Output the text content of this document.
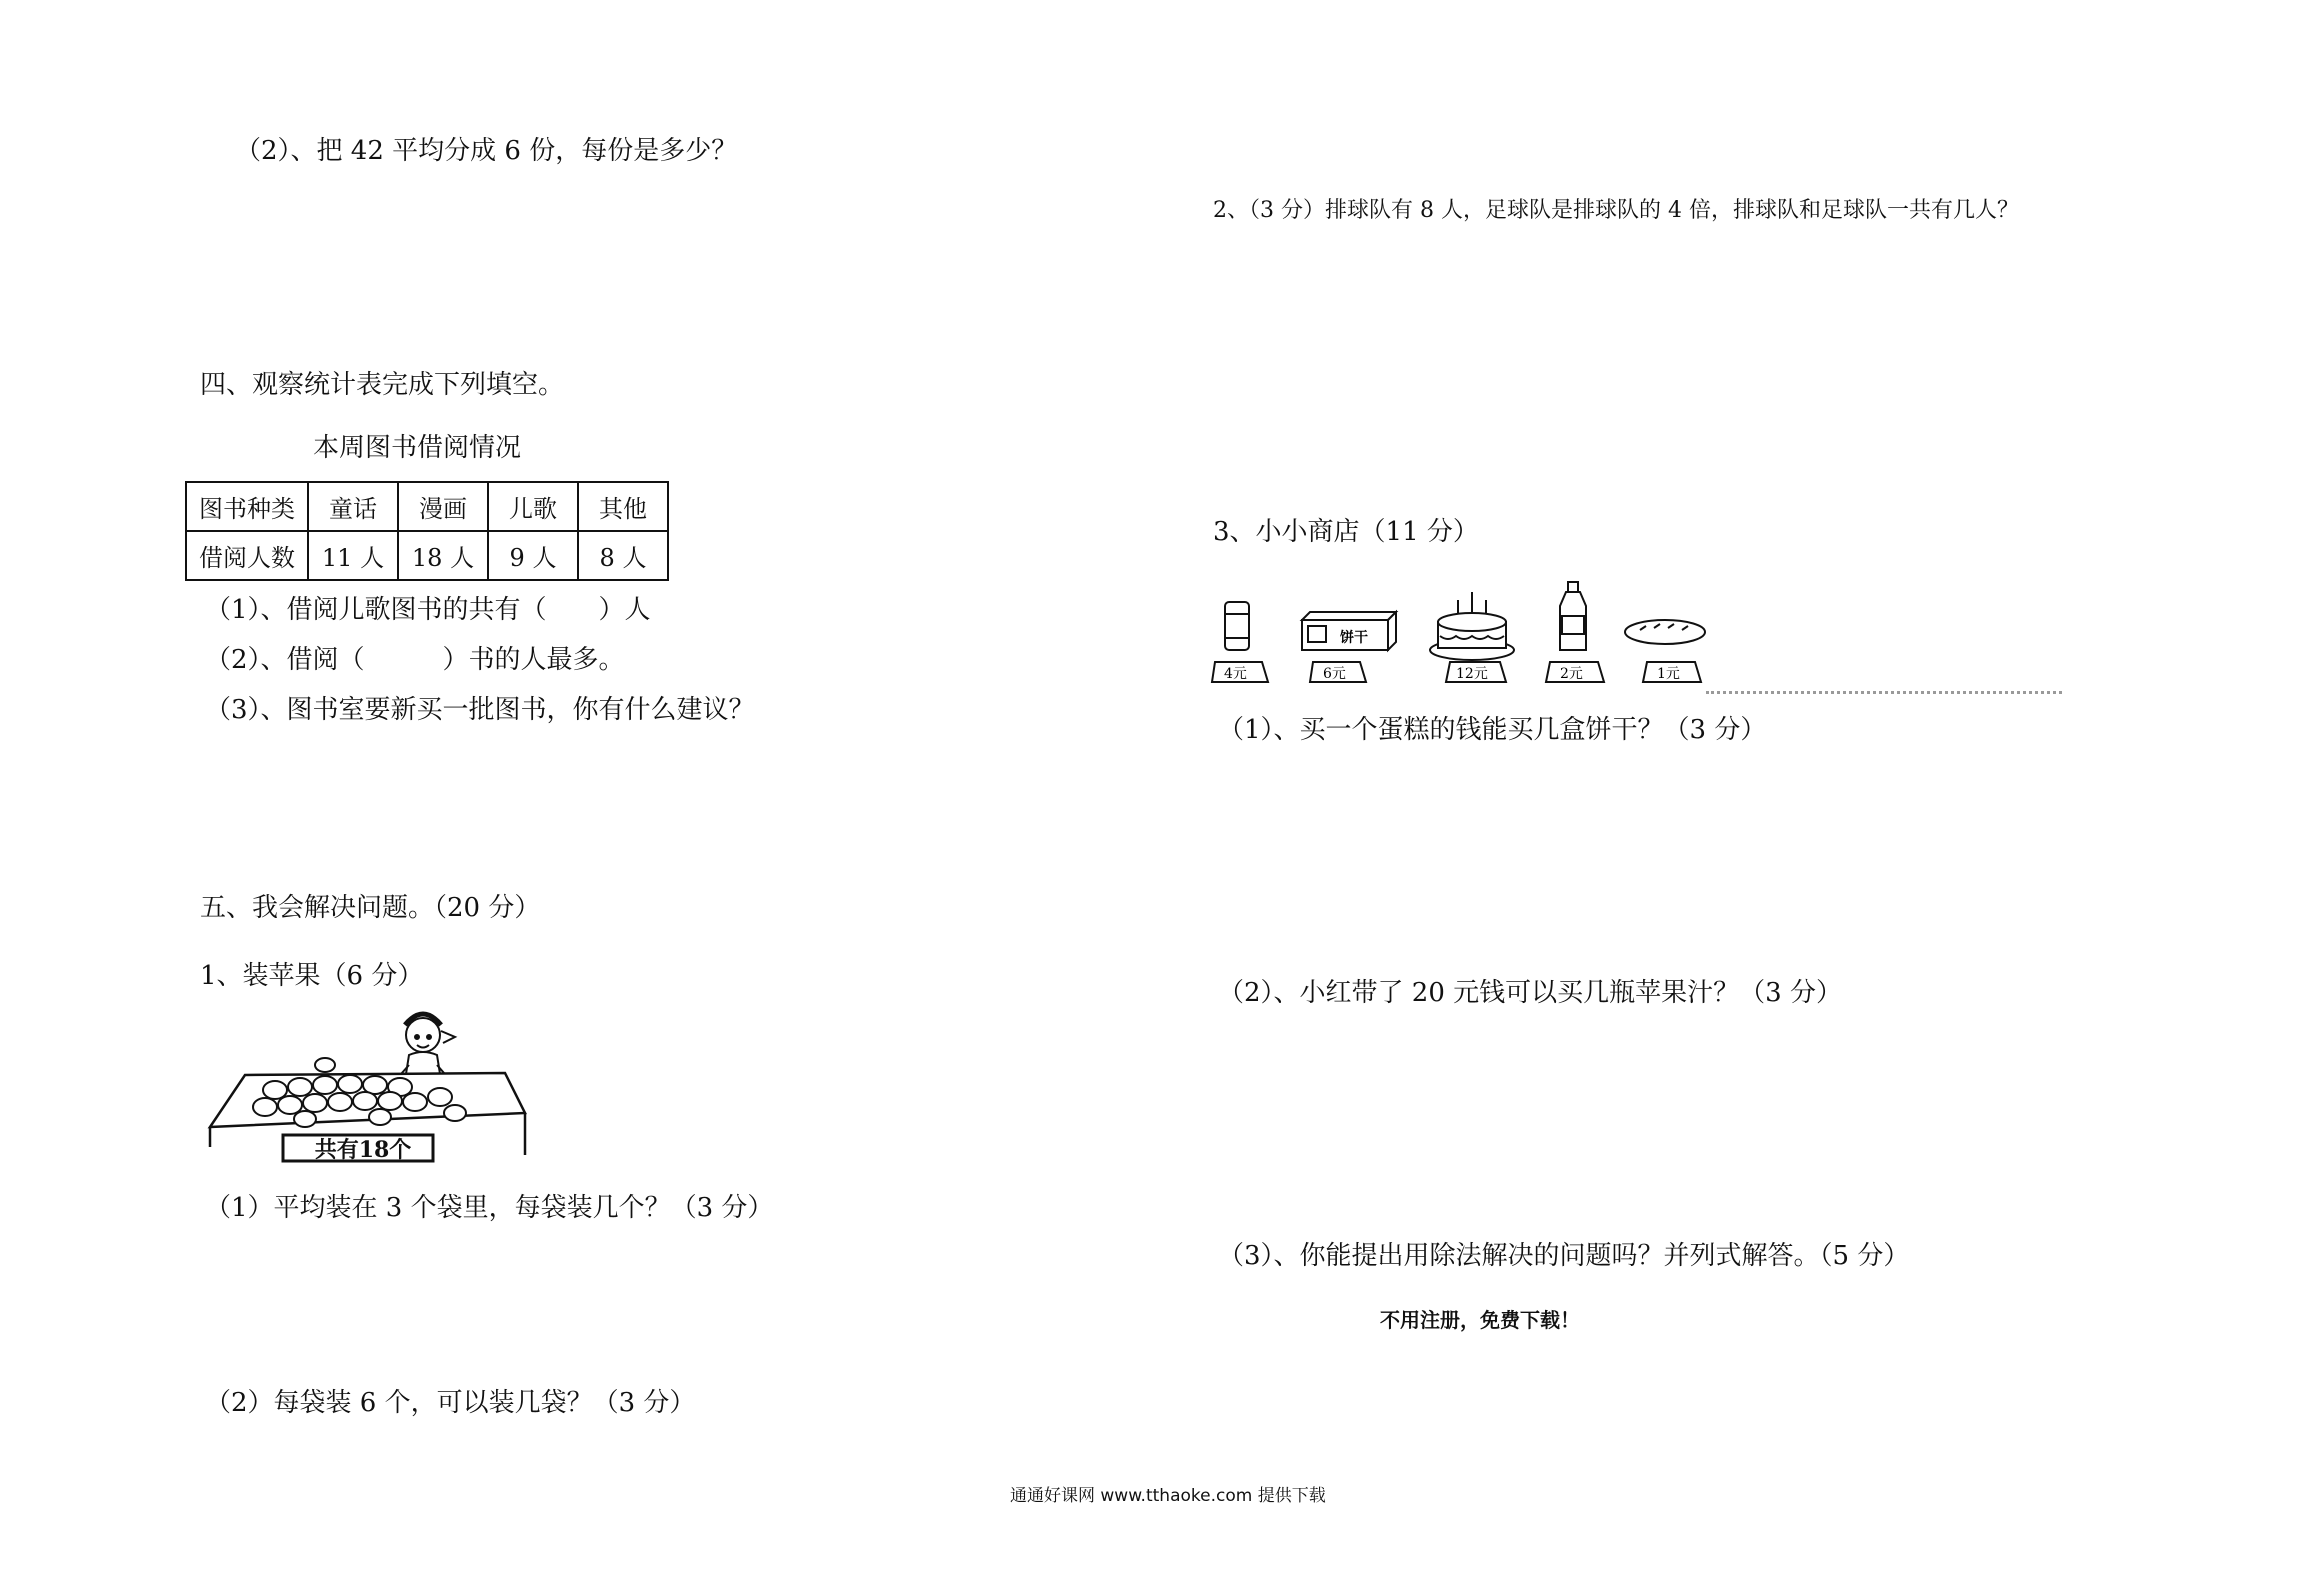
（2）、把 42 平均分成 6 份，每份是多少？
四、观察统计表完成下列填空。
本周图书借阅情况
图书种类	童话	漫画	儿歌	其他
借阅人数	11 人	18 人	9 人	8 人
（1）、借阅儿歌图书的共有（　　）人
（2）、借阅（　　　）书的人最多。
（3）、图书室要新买一批图书，你有什么建议？
五、我会解决问题。（20 分）
1、装苹果（6 分）
共有18个
（1）平均装在 3 个袋里，每袋装几个？（3 分）
（2）每袋装 6 个，可以装几袋？（3 分）
2、（3 分）排球队有 8 人，足球队是排球队的 4 倍，排球队和足球队一共有几人？
3、小小商店（11 分）
饼干
4元	6元	12元	2元	1元
（1）、买一个蛋糕的钱能买几盒饼干？（3 分）
（2）、小红带了 20 元钱可以买几瓶苹果汁？（3 分）
（3）、你能提出用除法解决的问题吗？并列式解答。（5 分）
不用注册，免费下载！
通通好课网 www.tthaoke.com 提供下载
